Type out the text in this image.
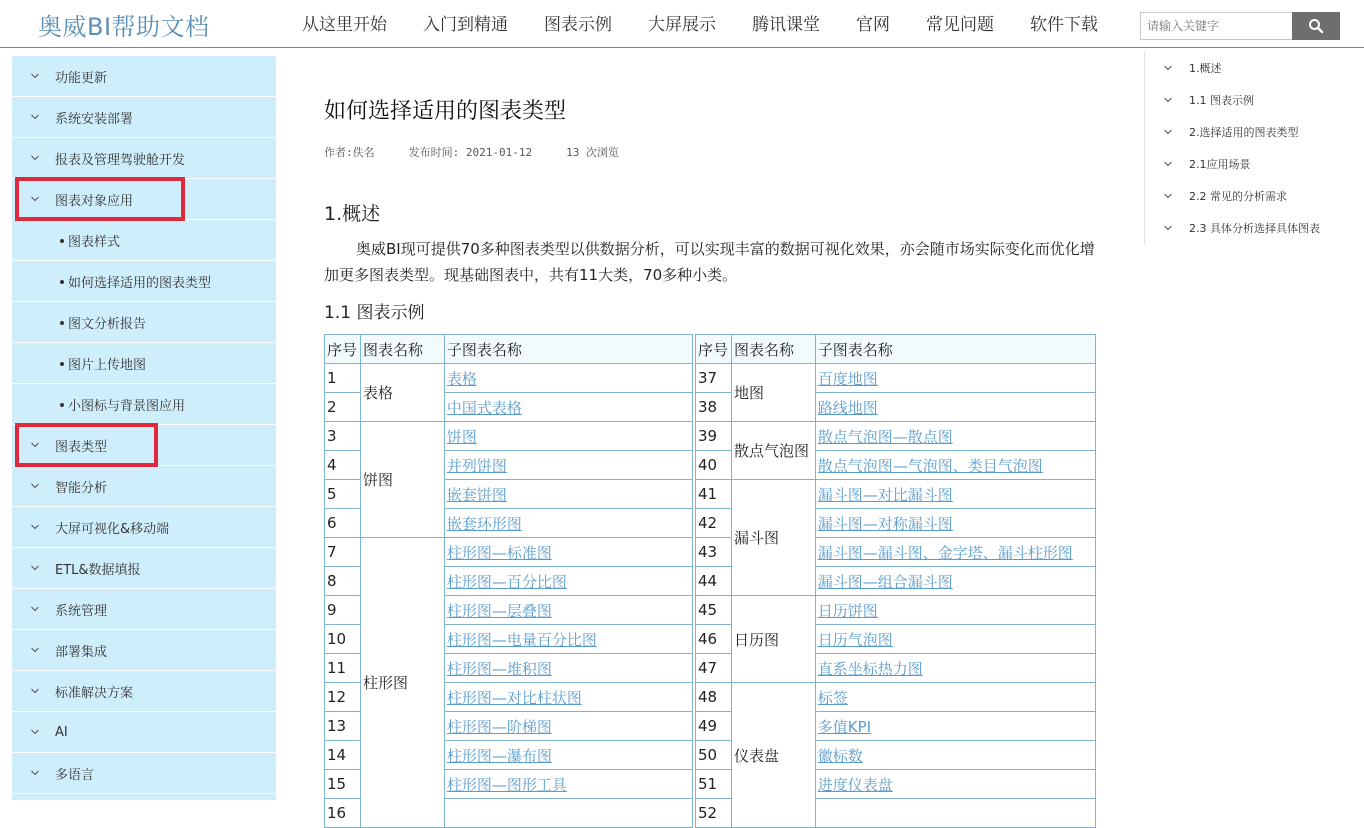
奥威BI帮助文档	从这里开始	入门到精通	图表示例	大屏展示	腾讯课堂	官网	常见问题	软件下载
请输入关键字
功能更新
系统安装部署
报表及管理驾驶舱开发
图表对象应用
图表样式
如何选择适用的图表类型
图文分析报告
图片上传地图
小图标与背景图应用
图表类型
智能分析
大屏可视化&移动端
ETL&数据填报
系统管理
部署集成
标准解决方案
AI
多语言
如何选择适用的图表类型
作者:佚名	发布时间: 2021-01-12	13 次浏览
1.概述
奥威BI现可提供70多种图表类型以供数据分析，可以实现丰富的数据可视化效果，亦会随市场实际变化而优化增加更多图表类型。现基础图表中，共有11大类，70多种小类。
1.1 图表示例
序号	图表名称	子图表名称
1	表格	表格
2		中国式表格
3	饼图	饼图
4		并列饼图
5		嵌套饼图
6		嵌套环形图
7	柱形图	柱形图—标准图
8		柱形图—百分比图
9		柱形图—层叠图
10		柱形图—电量百分比图
11		柱形图—堆积图
12		柱形图—对比柱状图
13		柱形图—阶梯图
14		柱形图—瀑布图
15		柱形图—图形工具
16		
序号	图表名称	子图表名称
37	地图	百度地图
38		路线地图
39	散点气泡图	散点气泡图—散点图
40		散点气泡图—气泡图、类目气泡图
41	漏斗图	漏斗图—对比漏斗图
42		漏斗图—对称漏斗图
43		漏斗图—漏斗图、金字塔、漏斗柱形图
44		漏斗图—组合漏斗图
45	日历图	日历饼图
46		日历气泡图
47		直系坐标热力图
48	仪表盘	标签
49		多值KPI
50		徽标数
51		进度仪表盘
52		
1.概述
1.1 图表示例
2.选择适用的图表类型
2.1应用场景
2.2 常见的分析需求
2.3 具体分析选择具体图表
